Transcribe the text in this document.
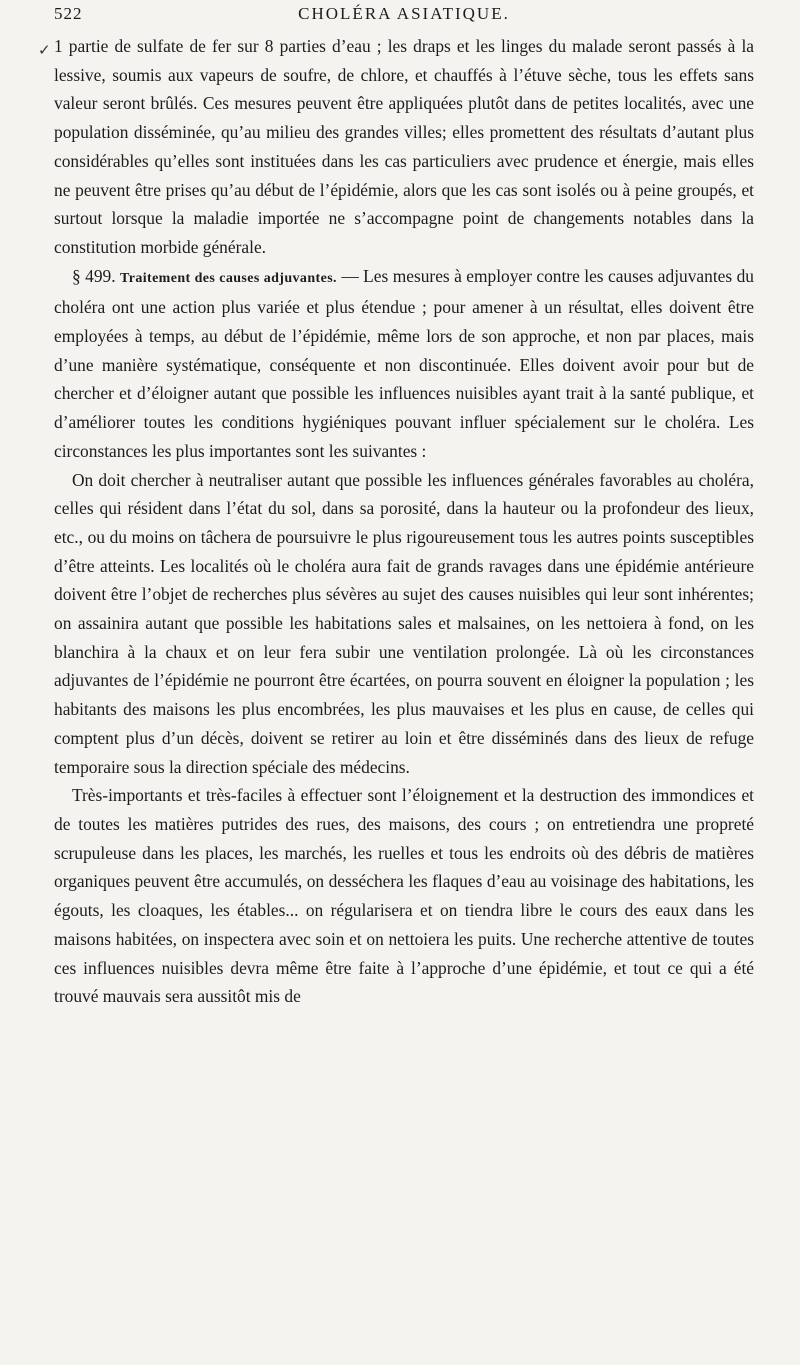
522	CHOLÉRA ASIATIQUE.
✓ 1 partie de sulfate de fer sur 8 parties d’eau ; les draps et les linges du malade seront passés à la lessive, soumis aux vapeurs de soufre, de chlore, et chauffés à l’étuve sèche, tous les effets sans valeur seront brûlés. Ces mesures peuvent être appliquées plutôt dans de petites localités, avec une population disséminée, qu’au milieu des grandes villes; elles promettent des résultats d’autant plus considérables qu’elles sont instituées dans les cas particuliers avec prudence et énergie, mais elles ne peuvent être prises qu’au début de l’épidémie, alors que les cas sont isolés ou à peine groupés, et surtout lorsque la maladie importée ne s’accompagne point de changements notables dans la constitution morbide générale.

§ 499. Traitement des causes adjuvantes. — Les mesures à employer contre les causes adjuvantes du choléra ont une action plus variée et plus étendue ; pour amener à un résultat, elles doivent être employées à temps, au début de l’épidémie, même lors de son approche, et non par places, mais d’une manière systématique, conséquente et non discontinuée. Elles doivent avoir pour but de chercher et d’éloigner autant que possible les influences nuisibles ayant trait à la santé publique, et d’améliorer toutes les conditions hygiéniques pouvant influer spécialement sur le choléra. Les circonstances les plus importantes sont les suivantes :

On doit chercher à neutraliser autant que possible les influences générales favorables au choléra, celles qui résident dans l’état du sol, dans sa porosité, dans la hauteur ou la profondeur des lieux, etc., ou du moins on tâchera de poursuivre le plus rigoureusement tous les autres points susceptibles d’être atteints. Les localités où le choléra aura fait de grands ravages dans une épidémie antérieure doivent être l’objet de recherches plus sévères au sujet des causes nuisibles qui leur sont inhérentes; on assainira autant que possible les habitations sales et malsaines, on les nettoiera à fond, on les blanchira à la chaux et on leur fera subir une ventilation prolongée. Là où les circonstances adjuvantes de l’épidémie ne pourront être écartées, on pourra souvent en éloigner la population ; les habitants des maisons les plus encombrées, les plus mauvaises et les plus en cause, de celles qui comptent plus d’un décès, doivent se retirer au loin et être disséminés dans des lieux de refuge temporaire sous la direction spéciale des médecins.

Très-importants et très-faciles à effectuer sont l’éloignement et la destruction des immondices et de toutes les matières putrides des rues, des maisons, des cours ; on entretiendra une propreté scrupuleuse dans les places, les marchés, les ruelles et tous les endroits où des débris de matières organiques peuvent être accumulés, on desséchera les flaques d’eau au voisinage des habitations, les égouts, les cloaques, les étables... on régularisera et on tiendra libre le cours des eaux dans les maisons habitées, on inspectera avec soin et on nettoiera les puits. Une recherche attentive de toutes ces influences nuisibles devra même être faite à l’approche d’une épidémie, et tout ce qui a été trouvé mauvais sera aussitôt mis de
